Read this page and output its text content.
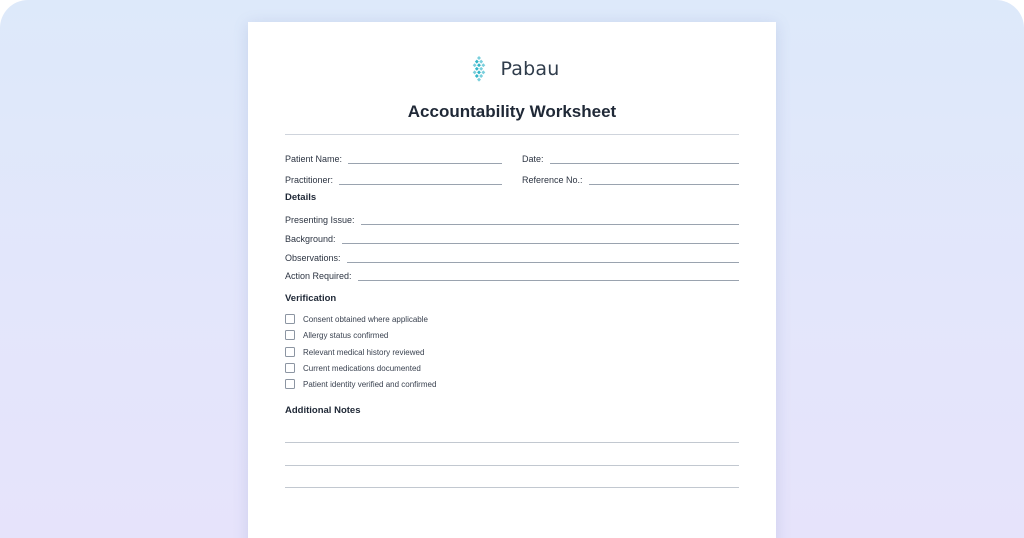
Pabau
Accountability Worksheet
Patient Name:	Date:
Practitioner:	Reference No.:
Details
Presenting Issue:
Background:
Observations:
Action Required:
Verification
Consent obtained where applicable
Allergy status confirmed
Relevant medical history reviewed
Current medications documented
Patient identity verified and confirmed
Additional Notes
